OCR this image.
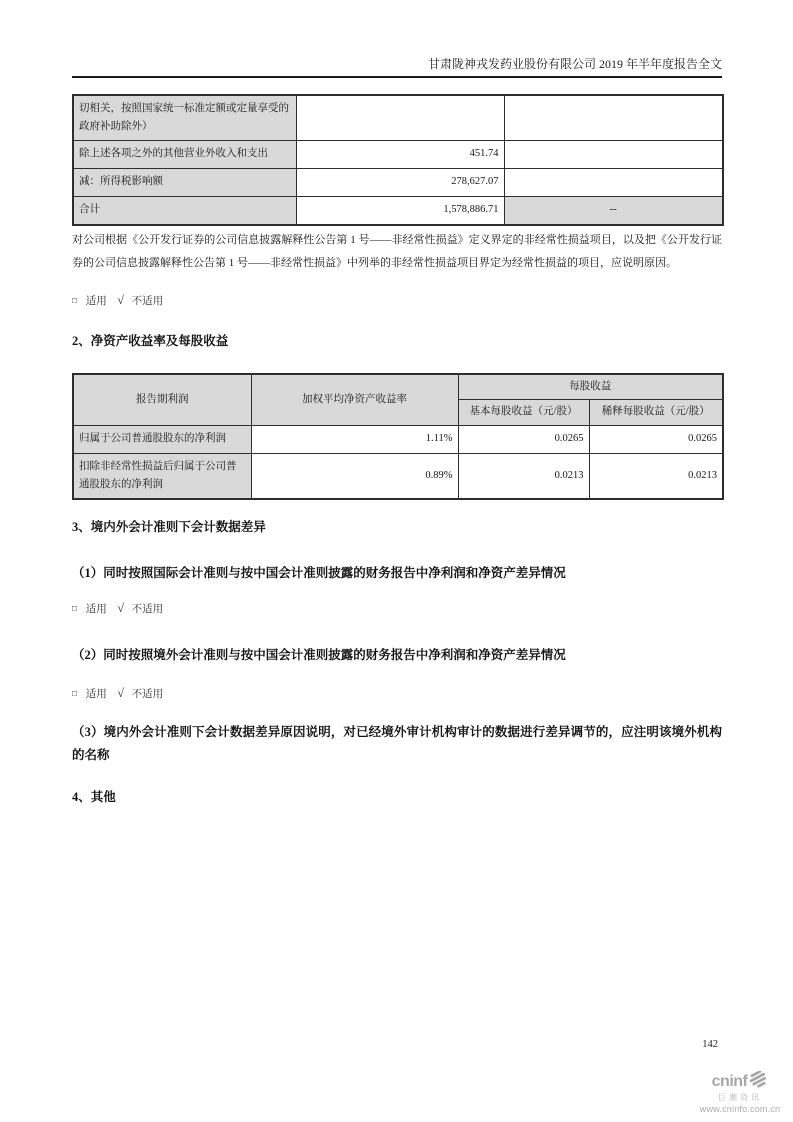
甘肃陇神戎发药业股份有限公司 2019 年半年度报告全文
切相关，按照国家统一标准定额或定量享受的政府补助除外）		
除上述各项之外的其他营业外收入和支出	451.74	
减：所得税影响额	278,627.07	
合计	1,578,886.71	--
对公司根据《公开发行证券的公司信息披露解释性公告第 1 号——非经常性损益》定义界定的非经常性损益项目，以及把《公开发行证券的公司信息披露解释性公告第 1 号——非经常性损益》中列举的非经常性损益项目界定为经常性损益的项目，应说明原因。
□ 适用 √ 不适用
2、净资产收益率及每股收益
报告期利润	加权平均净资产收益率	每股收益	
		基本每股收益（元/股）	稀释每股收益（元/股）
归属于公司普通股股东的净利润	1.11%	0.0265	0.0265
扣除非经常性损益后归属于公司普通股股东的净利润	0.89%	0.0213	0.0213
3、境内外会计准则下会计数据差异
（1）同时按照国际会计准则与按中国会计准则披露的财务报告中净利润和净资产差异情况
□ 适用 √ 不适用
（2）同时按照境外会计准则与按中国会计准则披露的财务报告中净利润和净资产差异情况
□ 适用 √ 不适用
（3）境内外会计准则下会计数据差异原因说明，对已经境外审计机构审计的数据进行差异调节的，应注明该境外机构的名称
4、其他
142
cninf
巨潮资讯
www.cninfo.com.cn
